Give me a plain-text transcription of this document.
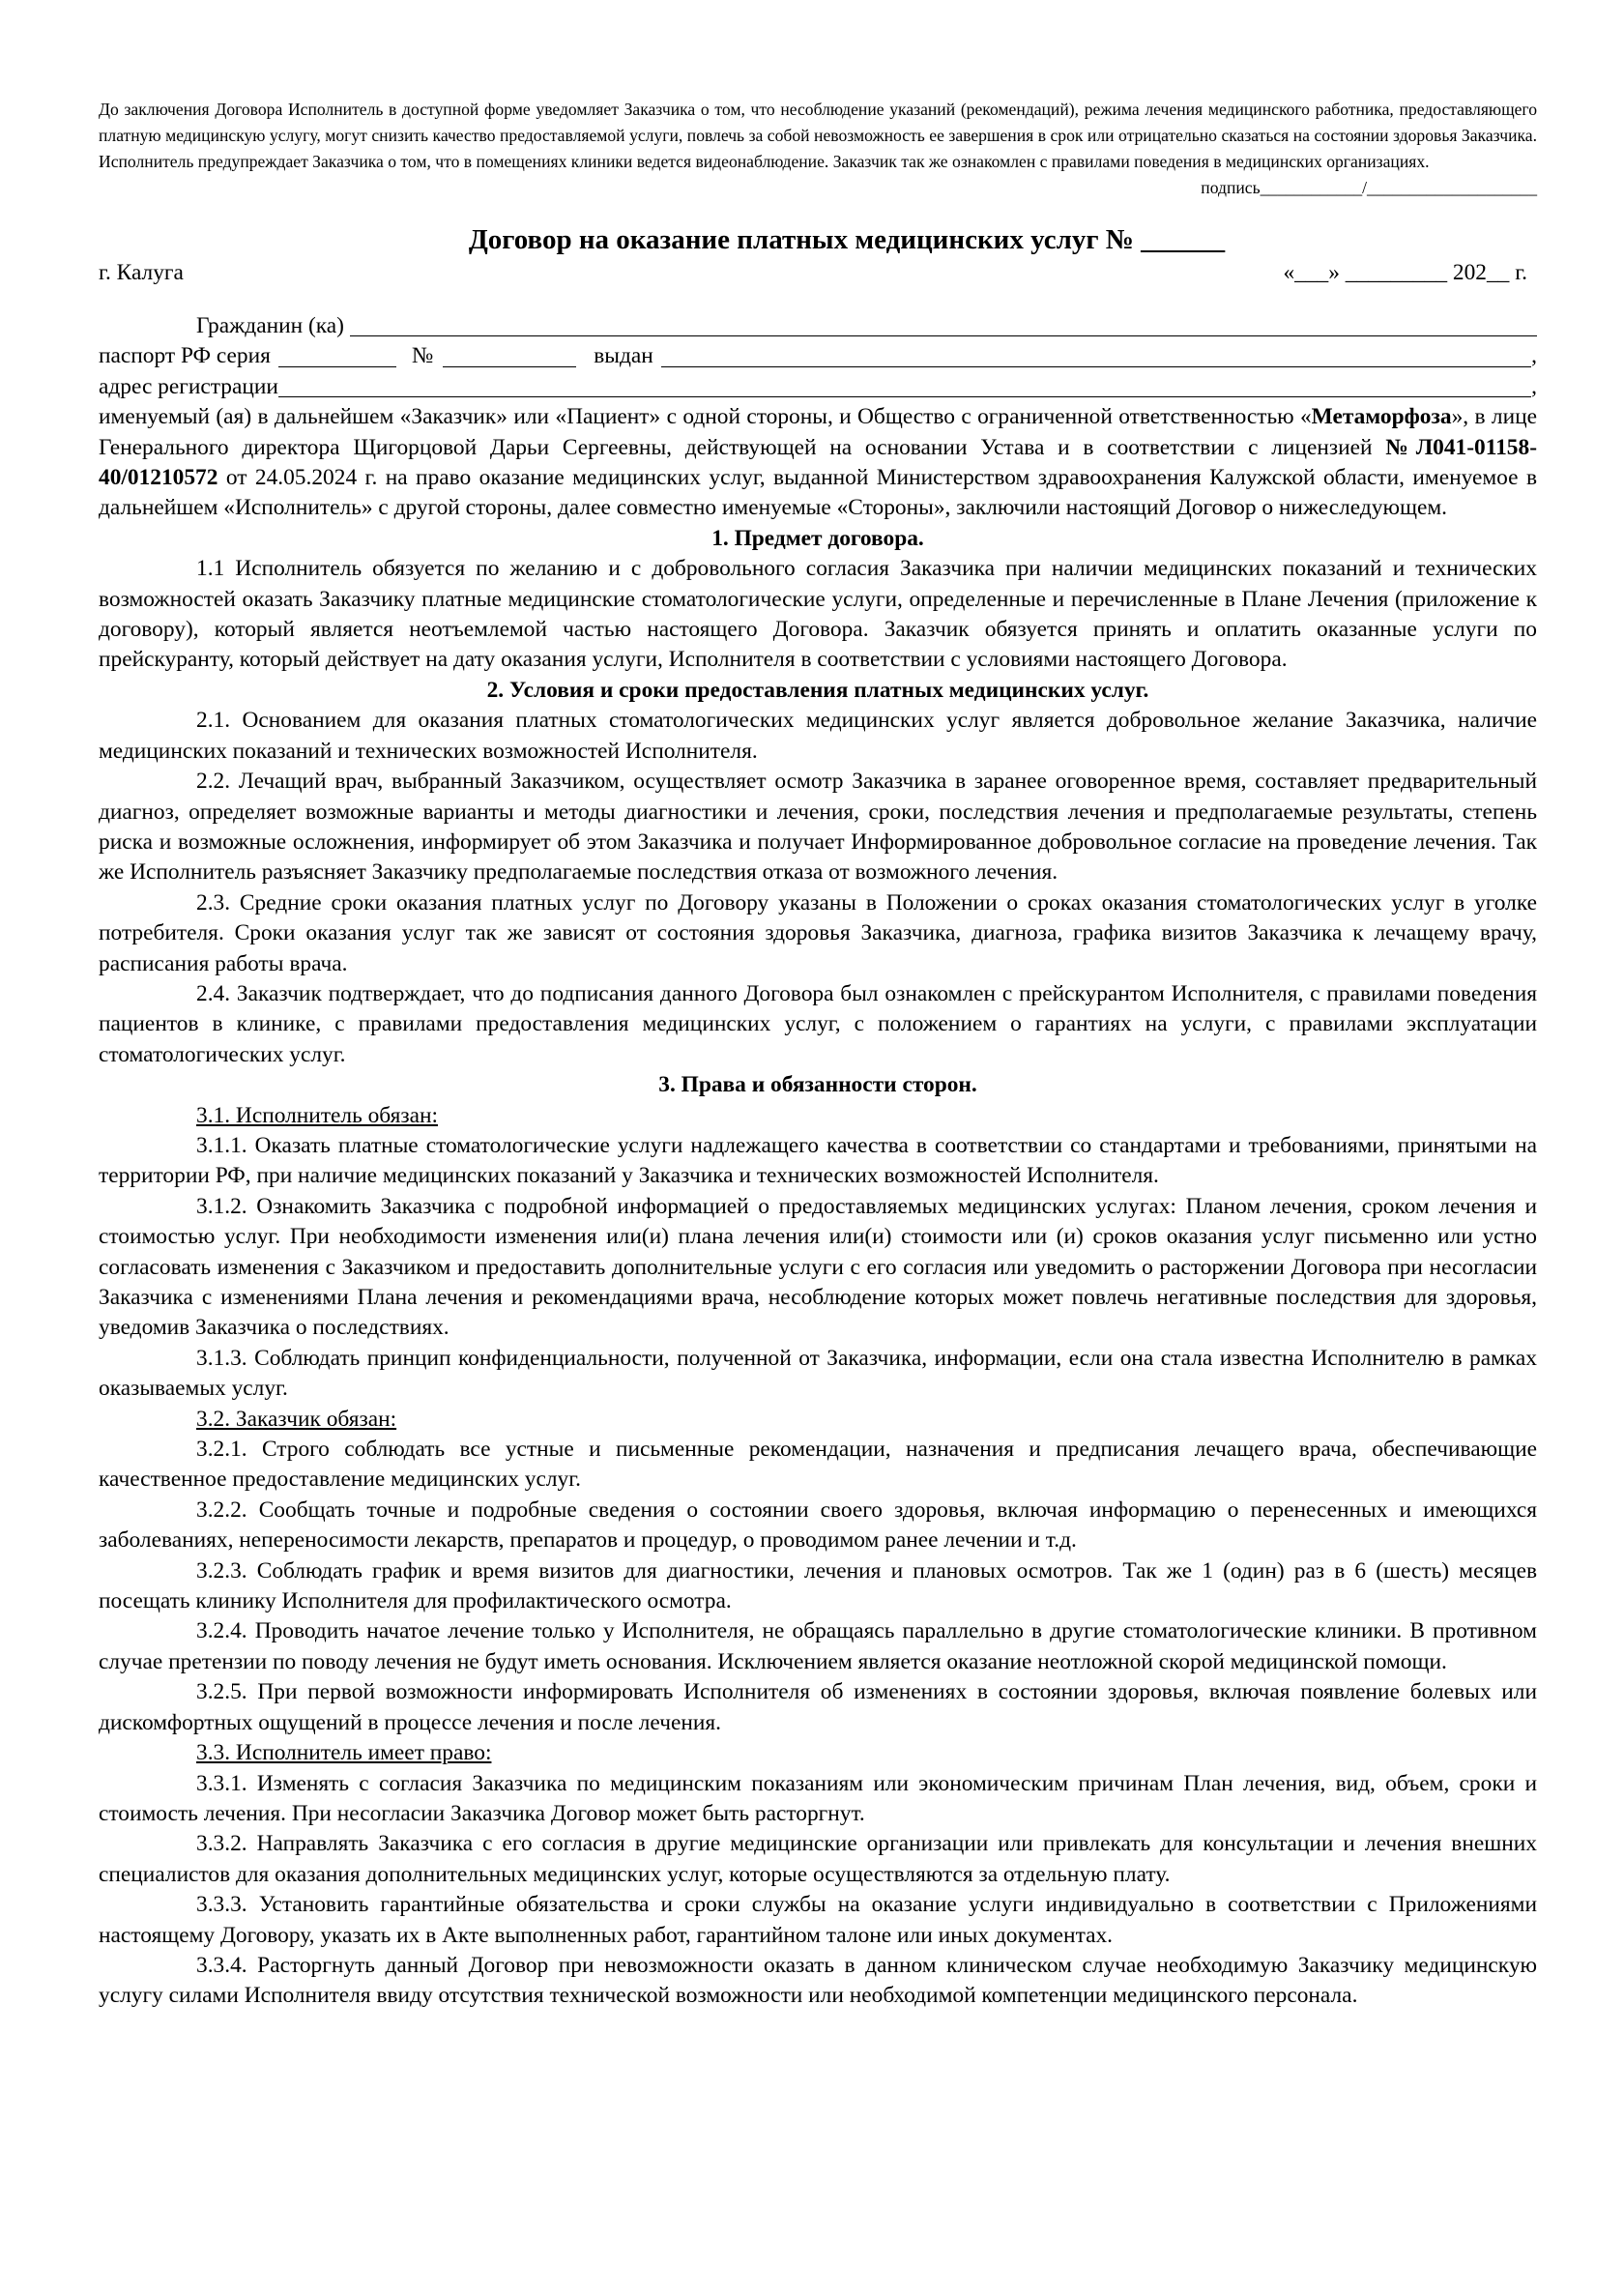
До заключения Договора Исполнитель в доступной форме уведомляет Заказчика о том, что несоблюдение указаний (рекомендаций), режима лечения медицинского работника, предоставляющего платную медицинскую услугу, могут снизить качество предоставляемой услуги, повлечь за собой невозможность ее завершения в срок или отрицательно сказаться на состоянии здоровья Заказчика. Исполнитель предупреждает Заказчика о том, что в помещениях клиники ведется видеонаблюдение. Заказчик так же ознакомлен с правилами поведения в медицинских организациях.

подпись____________/____________________

Договор на оказание платных медицинских услуг № ______
г. Калуга	«___» _________ 202__ г.
Гражданин (ка)
паспорт РФ серия	№	выдан	,
адрес регистрации	,

именуемый (ая) в дальнейшем «Заказчик» или «Пациент» с одной стороны, и Общество с ограниченной ответственностью «Метаморфоза», в лице Генерального директора Щигорцовой Дарьи Сергеевны, действующей на основании Устава и в соответствии с лицензией №Л041-01158-40/01210572 от 24.05.2024 г. на право оказание медицинских услуг, выданной Министерством здравоохранения Калужской области, именуемое в дальнейшем «Исполнитель» с другой стороны, далее совместно именуемые «Стороны», заключили настоящий Договор о нижеследующем.

1. Предмет договора.

1.1 Исполнитель обязуется по желанию и с добровольного согласия Заказчика при наличии медицинских показаний и технических возможностей оказать Заказчику платные медицинские стоматологические услуги, определенные и перечисленные в Плане Лечения (приложение к договору), который является неотъемлемой частью настоящего Договора. Заказчик обязуется принять и оплатить оказанные услуги по прейскуранту, который действует на дату оказания услуги, Исполнителя в соответствии с условиями настоящего Договора.

2. Условия и сроки предоставления платных медицинских услуг.

2.1. Основанием для оказания платных стоматологических медицинских услуг является добровольное желание Заказчика, наличие медицинских показаний и технических возможностей Исполнителя.

2.2. Лечащий врач, выбранный Заказчиком, осуществляет осмотр Заказчика в заранее оговоренное время, составляет предварительный диагноз, определяет возможные варианты и методы диагностики и лечения, сроки, последствия лечения и предполагаемые результаты, степень риска и возможные осложнения, информирует об этом Заказчика и получает Информированное добровольное согласие на проведение лечения. Так же Исполнитель разъясняет Заказчику предполагаемые последствия отказа от возможного лечения.

2.3. Средние сроки оказания платных услуг по Договору указаны в Положении о сроках оказания стоматологических услуг в уголке потребителя. Сроки оказания услуг так же зависят от состояния здоровья Заказчика, диагноза, графика визитов Заказчика к лечащему врачу, расписания работы врача.

2.4. Заказчик подтверждает, что до подписания данного Договора был ознакомлен с прейскурантом Исполнителя, с правилами поведения пациентов в клинике, с правилами предоставления медицинских услуг, с положением о гарантиях на услуги, с правилами эксплуатации стоматологических услуг.

3. Права и обязанности сторон.

3.1. Исполнитель обязан:

3.1.1. Оказать платные стоматологические услуги надлежащего качества в соответствии со стандартами и требованиями, принятыми на территории РФ, при наличие медицинских показаний у Заказчика и технических возможностей Исполнителя.

3.1.2. Ознакомить Заказчика с подробной информацией о предоставляемых медицинских услугах: Планом лечения, сроком лечения и стоимостью услуг. При необходимости изменения или(и) плана лечения или(и) стоимости или (и) сроков оказания услуг письменно или устно согласовать изменения с Заказчиком и предоставить дополнительные услуги с его согласия или уведомить о расторжении Договора при несогласии Заказчика с изменениями Плана лечения и рекомендациями врача, несоблюдение которых может повлечь негативные последствия для здоровья, уведомив Заказчика о последствиях.

3.1.3. Соблюдать принцип конфиденциальности, полученной от Заказчика, информации, если она стала известна Исполнителю в рамках оказываемых услуг.

3.2. Заказчик обязан:

3.2.1. Строго соблюдать все устные и письменные рекомендации, назначения и предписания лечащего врача, обеспечивающие качественное предоставление медицинских услуг.

3.2.2. Сообщать точные и подробные сведения о состоянии своего здоровья, включая информацию о перенесенных и имеющихся заболеваниях, непереносимости лекарств, препаратов и процедур, о проводимом ранее лечении и т.д.

3.2.3. Соблюдать график и время визитов для диагностики, лечения и плановых осмотров. Так же 1 (один) раз в 6 (шесть) месяцев посещать клинику Исполнителя для профилактического осмотра.

3.2.4. Проводить начатое лечение только у Исполнителя, не обращаясь параллельно в другие стоматологические клиники. В противном случае претензии по поводу лечения не будут иметь основания. Исключением является оказание неотложной скорой медицинской помощи.

3.2.5. При первой возможности информировать Исполнителя об изменениях в состоянии здоровья, включая появление болевых или дискомфортных ощущений в процессе лечения и после лечения.

3.3. Исполнитель имеет право:

3.3.1. Изменять с согласия Заказчика по медицинским показаниям или экономическим причинам План лечения, вид, объем, сроки и стоимость лечения. При несогласии Заказчика Договор может быть расторгнут.

3.3.2. Направлять Заказчика с его согласия в другие медицинские организации или привлекать для консультации и лечения внешних специалистов для оказания дополнительных медицинских услуг, которые осуществляются за отдельную плату.

3.3.3. Установить гарантийные обязательства и сроки службы на оказание услуги индивидуально в соответствии с Приложениями настоящему Договору, указать их в Акте выполненных работ, гарантийном талоне или иных документах.

3.3.4. Расторгнуть данный Договор при невозможности оказать в данном клиническом случае необходимую Заказчику медицинскую услугу силами Исполнителя ввиду отсутствия технической возможности или необходимой компетенции медицинского персонала.
